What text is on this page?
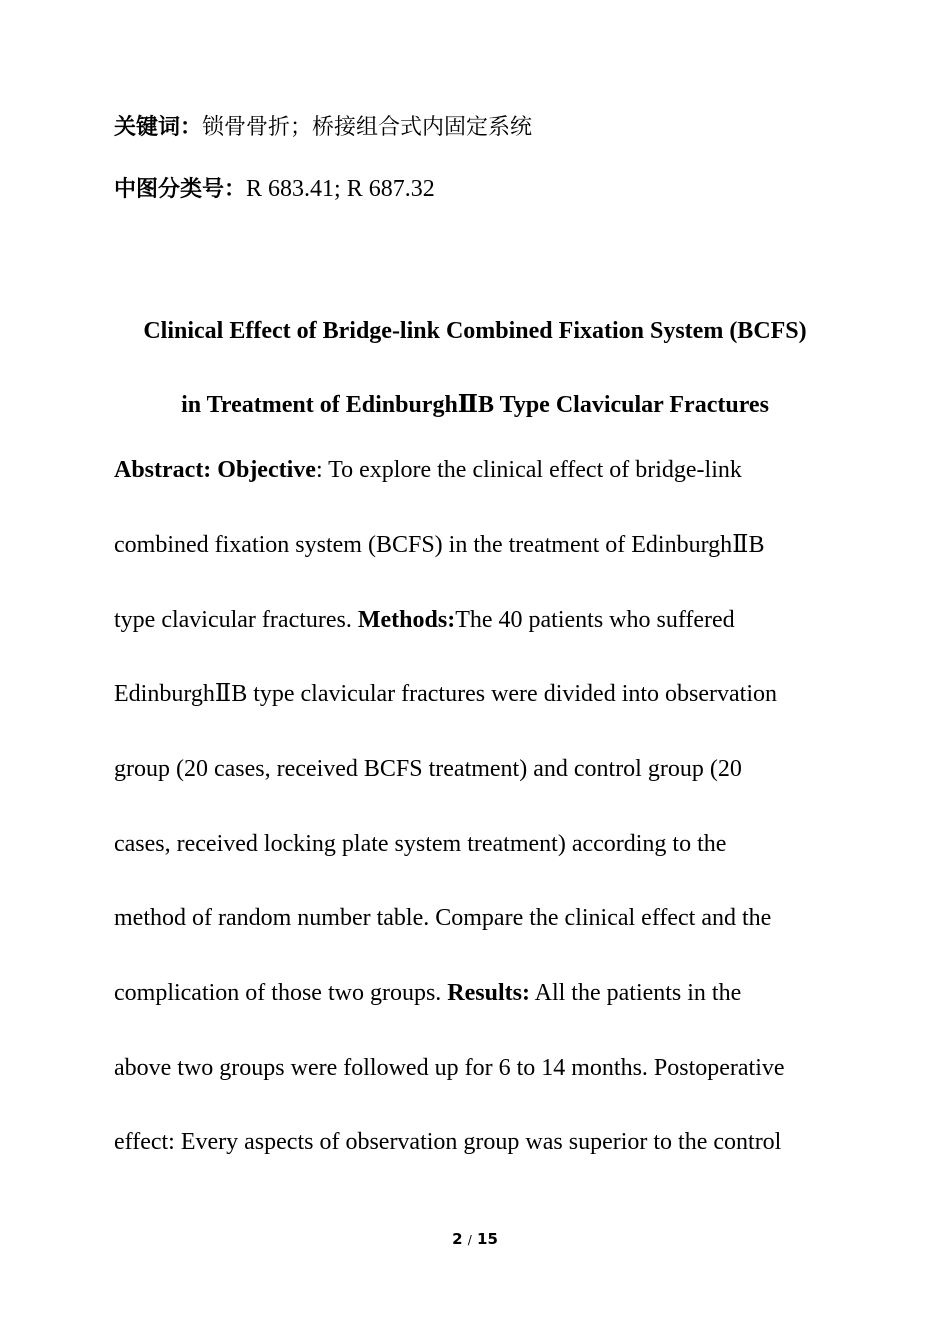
关键词：锁骨骨折；桥接组合式内固定系统
中图分类号：R 683.41; R 687.32
Clinical Effect of Bridge-link Combined Fixation System (BCFS)
in Treatment of EdinburghⅡB Type Clavicular Fractures
Abstract: Objective: To explore the clinical effect of bridge-link
combined fixation system (BCFS) in the treatment of EdinburghⅡB
type clavicular fractures. Methods:The 40 patients who suffered
EdinburghⅡB type clavicular fractures were divided into observation
group (20 cases, received BCFS treatment) and control group (20
cases, received locking plate system treatment) according to the
method of random number table. Compare the clinical effect and the
complication of those two groups. Results: All the patients in the
above two groups were followed up for 6 to 14 months. Postoperative
effect: Every aspects of observation group was superior to the control
2 / 15
